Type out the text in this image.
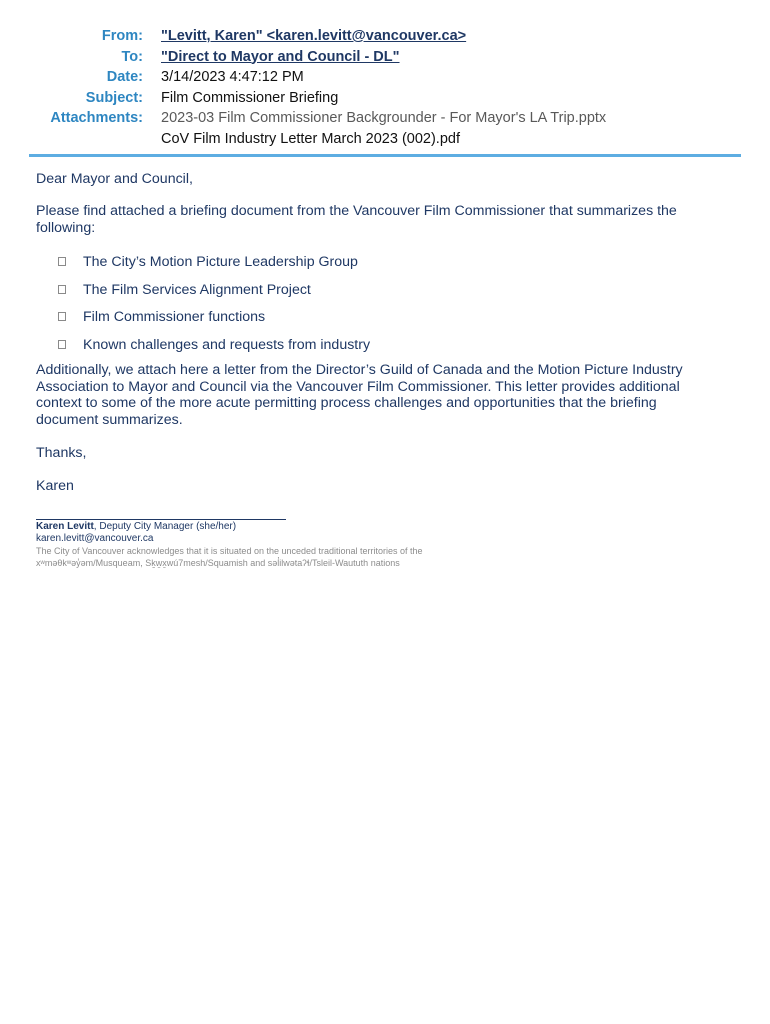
From: "Levitt, Karen" <karen.levitt@vancouver.ca>
To: "Direct to Mayor and Council - DL"
Date: 3/14/2023 4:47:12 PM
Subject: Film Commissioner Briefing
Attachments: 2023-03 Film Commissioner Backgrounder - For Mayor's LA Trip.pptx
CoV Film Industry Letter March 2023 (002).pdf
Dear Mayor and Council,
Please find attached a briefing document from the Vancouver Film Commissioner that summarizes the following:
The City’s Motion Picture Leadership Group
The Film Services Alignment Project
Film Commissioner functions
Known challenges and requests from industry
Additionally, we attach here a letter from the Director’s Guild of Canada and the Motion Picture Industry Association to Mayor and Council via the Vancouver Film Commissioner. This letter provides additional context to some of the more acute permitting process challenges and opportunities that the briefing document summarizes.
Thanks,
Karen
Karen Levitt, Deputy City Manager (she/her)
karen.levitt@vancouver.ca
The City of Vancouver acknowledges that it is situated on the unceded traditional territories of the xʷməθkʷəy̓əm/Musqueam, Sḵw̱x̱wú7mesh/Squamish and səl̓ilwətaʔɬ/Tsleil-Waututh nations
